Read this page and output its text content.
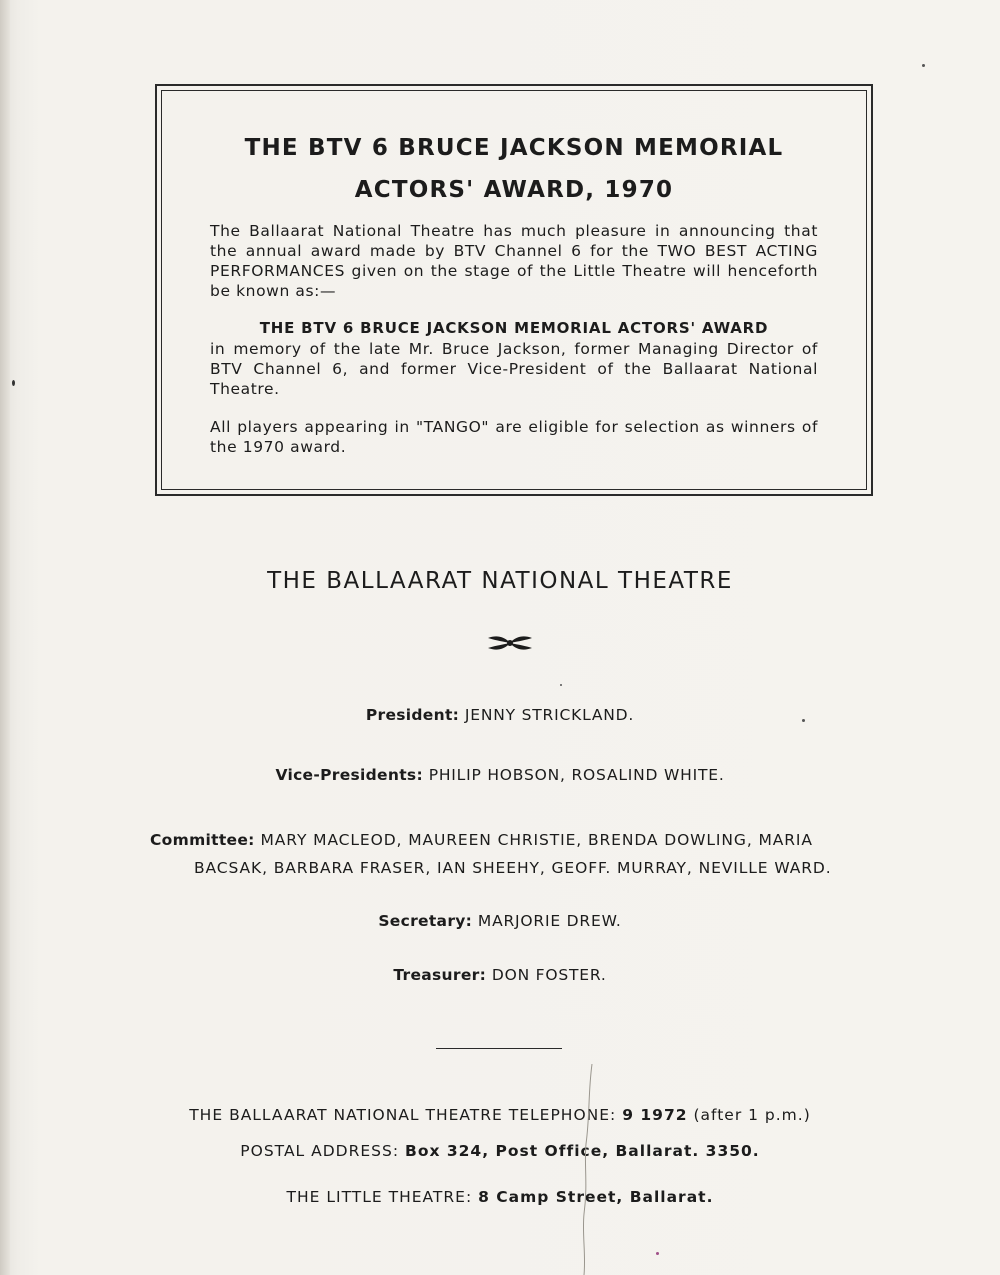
THE BTV 6 BRUCE JACKSON MEMORIAL
ACTORS' AWARD, 1970
The Ballaarat National Theatre has much pleasure in announcing that the annual award made by BTV Channel 6 for the TWO BEST ACTING PERFORMANCES given on the stage of the Little Theatre will henceforth be known as:—
THE BTV 6 BRUCE JACKSON MEMORIAL ACTORS' AWARD
in memory of the late Mr. Bruce Jackson, former Managing Director of BTV Channel 6, and former Vice-President of the Ballaarat National Theatre.
All players appearing in "TANGO" are eligible for selection as winners of the 1970 award.
THE BALLAARAT NATIONAL THEATRE
President: JENNY STRICKLAND.
Vice-Presidents: PHILIP HOBSON, ROSALIND WHITE.
Committee: MARY MACLEOD, MAUREEN CHRISTIE, BRENDA DOWLING, MARIA
BACSAK, BARBARA FRASER, IAN SHEEHY, GEOFF. MURRAY, NEVILLE WARD.
Secretary: MARJORIE DREW.
Treasurer: DON FOSTER.
THE BALLAARAT NATIONAL THEATRE TELEPHONE: 9 1972 (after 1 p.m.)
POSTAL ADDRESS: Box 324, Post Office, Ballarat. 3350.
THE LITTLE THEATRE: 8 Camp Street, Ballarat.
